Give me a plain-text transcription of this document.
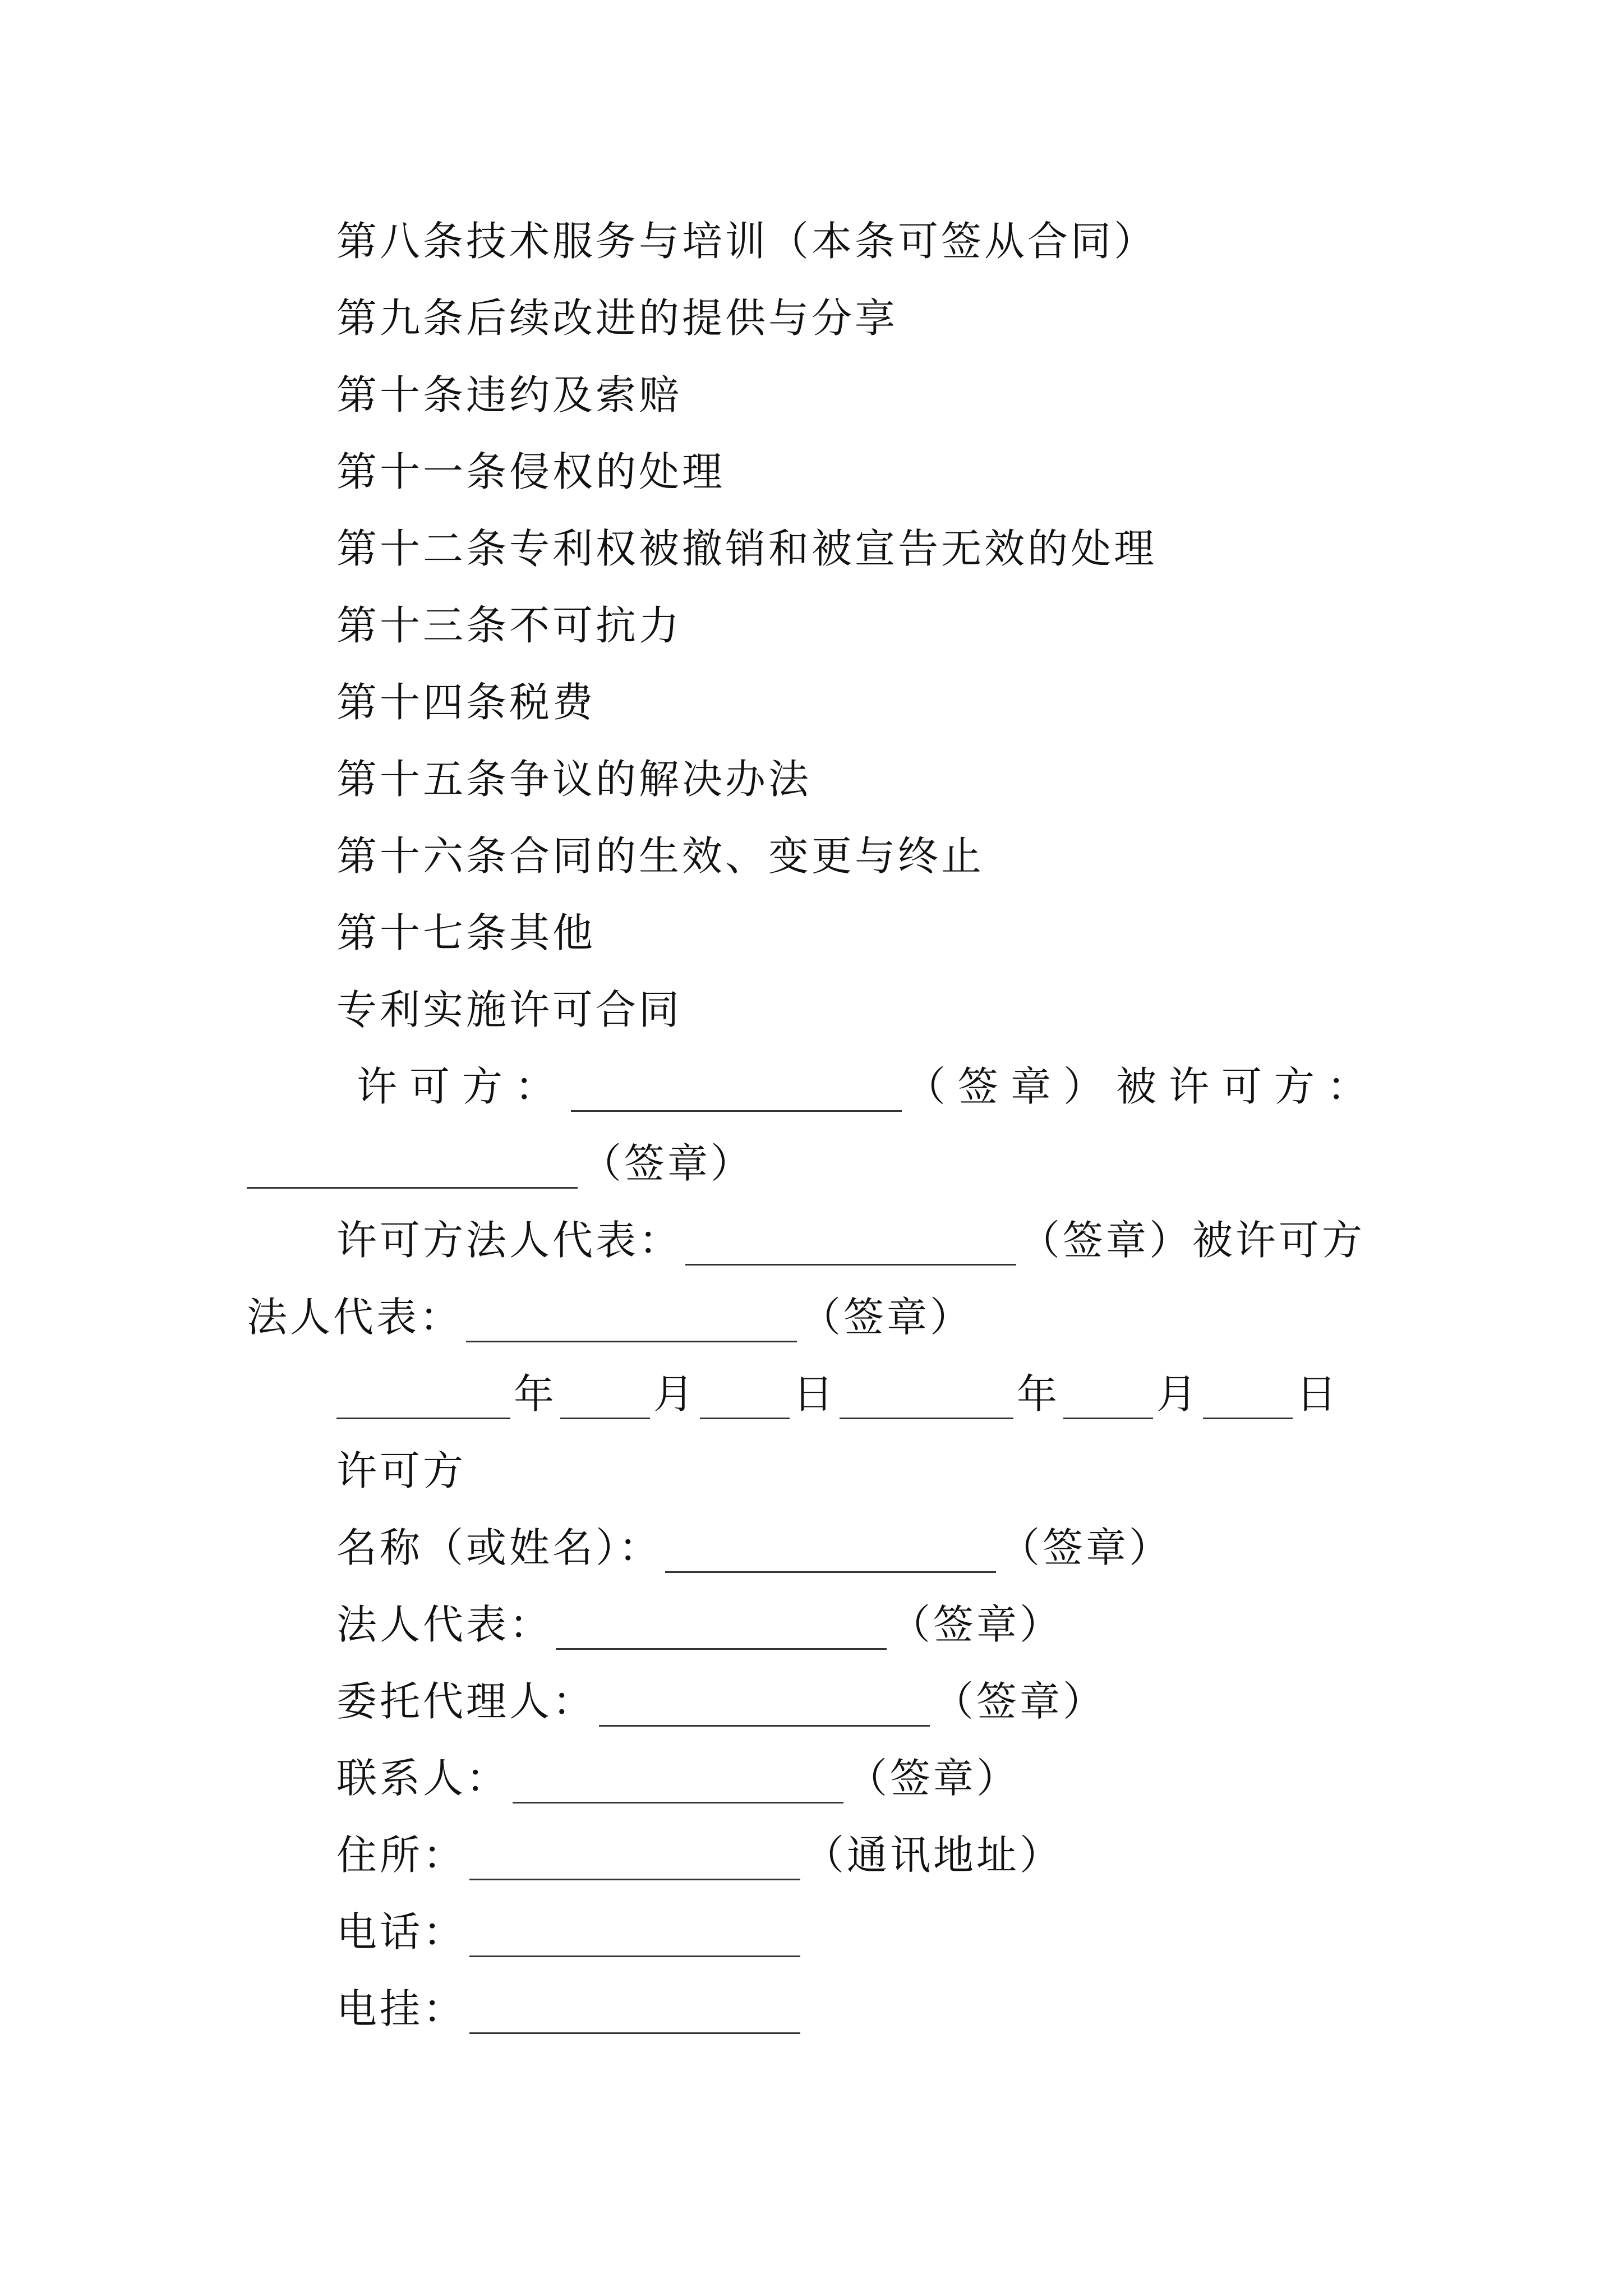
第八条技术服务与培训（本条可签从合同）
第九条后续改进的提供与分享
第十条违约及索赔
第十一条侵权的处理
第十二条专利权被撤销和被宣告无效的处理
第十三条不可抗力
第十四条税费
第十五条争议的解决办法
第十六条合同的生效、变更与终止
第十七条其他
专利实施许可合同
许可方：	（签章）被许可方：
（签章）
许可方法人代表：	（签章）被许可方
法人代表：	（签章）
年 月 日	年 月 日
许可方
名称（或姓名）：	（签章）
法人代表：	（签章）
委托代理人：	（签章）
联系人：	（签章）
住所：	（通讯地址）
电话：
电挂：
